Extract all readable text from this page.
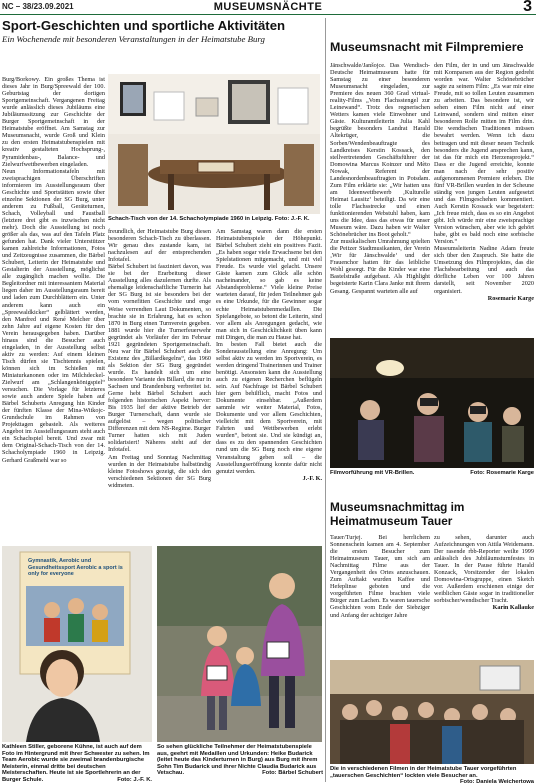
NC – 38/23.09.2021	MUSEUMSNÄCHTE	3
Sport-Geschichten und sportliche Aktivitäten
Ein Wochenende mit besonderen Veranstaltungen in der Heimatstube Burg

Burg/Borkowy. Ein großes Thema ist dieses Jahr in Burg/Spreewald der 100. Geburtstag der dortigen Sportgemeinschaft. Vergangenen Freitag wurde anlässlich dieses Jubiläums eine Jubiläumssitzung zur Geschichte der Burger Sportgemeinschaft in der Heimatstube eröffnet. Am Samstag zur Museumsnacht, wurde Groß und Klein zu den ersten Heimatstubenspielen mit kreativ gestalteten Hochsprung-, Pyramidenbau-, Balance- und Zielwurfwettbewerben eingeladen.
Neun Informationstafeln mit zweisprachigen Überschriften informieren im Ausstellungsraum über Geschichte und Sportstätten sowie über einzelne Sektionen der SG Burg, unter anderem zu Fußball, Geräteturnen, Schach, Volleyball und Faustball (letztere drei gibt es inzwischen nicht mehr). Doch die Ausstellung ist noch größer als das, was auf den Tafeln Platz gefunden hat. Dank vieler Unterstützer kamen zahlreiche Informationen, Fotos und Zeitzeugnisse zusammen, die Bärbel Schubert, Leiterin der Heimatstube und Gestalterin der Ausstellung, möglichst alle zugänglich machen wollte. Die Begleitordner mit interessantem Material liegen daher im Ausstellungsraum bereit und laden zum Durchblättern ein. Unter anderem kann auch ein „Spreewaldkicker“ gelblättert werden, den Manfred und René Melcher über zehn Jahre auf eigene Kosten für den Verein herausgegeben haben. Darüber hinaus sind die Besucher auch eingeladen, in der Ausstellung selbst aktiv zu werden: Auf einem kleinen Tisch dürfen sie Tischtennis spielen, können sich im Schießen mit Miniaturkanonen oder im Milchdeckel-Zielwurf am „Schlangenkönigspiel“ versuchen. Die Vorlage für letzteres sowie auch andere Spiele haben auf Bärbel Schuberts Anregung hin Kinder der fünften Klasse der Mina-Witkojc-Grundschule im Rahmen von Projekttagen gebastelt. Als weiteres Angebot im Ausstellungsraum steht auch ein Schachspiel bereit. Und zwar mit dem Original-Schach-Tisch von der 14. Schacholympiade 1960 in Leipzig. Gerhard Graßmehl war so

Schach-Tisch von der 14. Schacholympiade 1960 in Leipzig. Foto: J.-F. K.

freundlich, der Heimatstube Burg diesen besonderen Schach-Tisch zu überlassen. Wir genau dies zustande kam, ist nachzulesen auf der entsprechenden Infotafel.
Bärbel Schubert ist fasziniert davon, was sie bei der Erarbeitung dieser Ausstellung alles dazulernen durfte. Als ehemalige leidenschaftliche Turnerin hat der SG Burg ist sie besonders bei der vom vornefitten Geschichte und enge Weise verrendten Laut Dokumenten, so brachte sie in Erfahrung, hat es schon 1870 in Burg einen Turnverein gegeben. 1881 wurde hier die Turnerfeuerwehr gegründet als Vorläufer der im Februar 1921 gegründeten Sportgemeinschaft. Neu war für Bärbel Schubert auch die Existenz des „Billardkegelns“, das 1960 als Sektion der SG Burg gegründet wurde. Es handelt sich um eine besondere Variante des Billard, die nur in Sachsen und Brandenburg verbreitet ist. Gerne hebt Bärbel Schubert auch folgenden historischen Aspekt hervor: Bis 1935 lief der aktive Betrieb der Burger Turnerschaft, dann wurde sie aufgelöst – wegen politischer Differenzen mit dem NS-Regime. Burger Turner hatten sich mit Juden solidarisiert! Näheres steht auf der Infotafel.
Am Freitag und Sonntag Nachmittag wurden in der Heimatstube halbstündig kleine Fotoshows gezeigt, die sich den verschiedenen Sektionen der SG Burg widmeten.

Am Samstag waren dann die ersten Heimatstubenspiele der Höhepunkt. Bärbel Schubert zieht ein positives Fazit. „Es haben sogar viele Erwachsene bei den Spielstationen mitgemacht, und mit viel Freude. Es wurde viel gelacht. Unsere Gäste kamen zum Glück alle schön nacheinander, so gab es keine Abstandsprobleme.“ Viele kleine Preise warteten darauf, für jeden Teilnehmer gab es eine Urkunde, für die Gewinner sogar echte Heimatstubenmedaillen. Die Spielangebote, so betont die Leiterin, sind vor allem als Anregungen gedacht, wie man sich in Geschicklichkeit üben kann mit Dingen, die man zu Hause hat.
Im besten Fall bietet auch die Sonderausstellung eine Anregung: Um selbst aktiv zu werden im Sportverein, es werden dringend Trainerinnen und Trainer benötigt. Ansonsten kann die Ausstellung auch zu eigenen Recherchen beflügeln sein. Auf Nachfrage ist Bärbel Schubert hier gern behilflich, macht Fotos und Dokumente einsehbar. „Außerdem sammle wir weiter Material, Fotos, Dokumente und vor allem Geschichten, vielleicht mit dem Sportverein, mit Fahrten und Wettbewerben erlebt wurden“, betont sie. Und sie kündigt an, dass es zu den spannenden Geschichten rund um die SG Burg noch eine eigene Veranstaltung geben soll – die Ausstellungseröffnung konnte dafür nicht genutzt werden.

J.-F. K.
Gymnastik, Aerobic und Gesundheitssport Aerobic a sport is only for everyone
Kathleen Stiller, geborene Kühne, ist auch auf dem Foto im Hintergrund mit ihrer Schwester zu sehen. Im Team Aerobic wurde sie zweimal brandenburgische Meisterin, einmal dritte bei deutschen Meisterschaften. Heute ist sie Sportlehrerin an der Burger Schule.	Foto: J.-F. K.
So sehen glückliche Teilnehmer der Heimatstubenspiele aus, geehrt mit Medaillen und Urkunden: Heike Budarick (leitet heute das Kinderturnen in Burg) aus Burg mit ihrem Sohn Tim Budarick und ihrer Nichte Claudia Budarick aus Vetschau.	Foto: Bärbel Schubert
Museumsnacht mit Filmpremiere

Jänschwalde/Janšojce. Das Wendisch-Deutsche Heimatmuseum hatte für Samstag zu einer besonderen Museumsnacht eingeladen, zur Premiere des neuen 360 Grad virtual-reality-Films „Vom Flachsstengel zur Leinewand“. Trotz des regnerischen Wetters kamen viele Einwohner und Gäste. Kulturamtleiterin Julia Kahl begrüßte besonders Landrat Harald Altekrüger, die Sorben/Wendenbeauftragte des Landkreises Kerstin Kossack, den stellvertretenden Geschäftsführer der Domowina Marcus Koinzer und Mèto Nowak, Referent der Landesnordenbeauftragten in Potsdam. Zum Film erklärte sie: „Wir hatten uns am Ideenwettbewerb ‚Kulturelle Heimat Lausitz‘ beteiligt. Da wir eine tolle Flachsstrecke und einen funktionierenden Webstuhl haben, kam uns die Idee, dass das etwas für unser Museum wäre. Dazu haben wir Walter Schönebrücher ins Boot geholt.“
Zur musikalischen Umrahmung spielten die Peitzer Stadtmusikanten, der Verein ‚Wir für Jänschwalde‘ und der Frauenchor hatten für das leibliche Wohl gesorgt. Für die Kinder war eine Bastelstraße aufgebaut. Als Highlight begeisterte Karin Clara Janke mit ihrem Gesang. Gespannt warteten alle auf

den Film, der in und um Jänschwalde mit Komparsen aus der Region gedreht worden war. Walter Schönebrücher sagte zu seinem Film: „Es war mir eine Freude, mit so tollen Leuten zusammen zu arbeiten. Das besondere ist, wir sehen einen Film nicht auf einer Leinwand, sondern sind mitten einer besonderen Rolle mitten im Film drin. Die wendischen Traditionen müssen bewahrt werden. Wenn ich dazu beitragen und mit dieser neuen Technik besonders die Jugend ansprechen kann, ist das für mich ein Herzensprojekt.“ Dass er die Jugend erreichte, konnte man nach der sehr positiv aufgenommenen Premiere erleben. Die fünf VR-Brillen wurden in der Scheune ständig von jungen Leuten aufgesetzt und das Filmgeschehen kommentiert. Auch Kerstin Kossack war begeistert: „Ich freue mich, dass es so ein Angebot gibt. Ich würde mir eine zweisprachige Version wünschen, aber wie ich gehört habe, gibt es bald noch eine sorbische Version.“
Museumsleiterin Nadine Adam freute sich über den Zuspruch. Sie hatte die Umsetzung des Filmprojektes, das die Flachsbearbeitung und auch das dörfliche Leben vor 100 Jahren darstellt, seit November 2020 organisiert.

Rosemarie Karge
Filmvorführung mit VR-Brillen.	Foto: Rosemarie Karge
Museumsnachmittag im Heimatmuseum Tauer

Tauer/Turjej. Bei herrlichem Sonnenschein kamen am 4. September die ersten Besucher zum Heimatmuseum Tauer, um sich am Nachmittag Filme aus der Vergangenheit des Ortes anzuschauen. Zum Auftakt wurden Kaffee und Hefeplinse geboten und die vorgeführten Filme brachten viele Bürger zum Lachen. Es waren tauersche Geschichten vom Ende der Siebziger und Anfang der achtziger Jahre

zu sehen, darunter auch Aufzeichnungen von Attila Weidemann. Der rasende rbb-Reporter weilte 1999 anlässlich des Jubiläumsturnfestes in Tauer. In der Pause führte Harald Konzack, Vorsitzender der lokalen Domowina-Ortsgruppe, einen Sketch vor. Außerdem erschienen einige der weiblichen Gäste sogar in traditioneller sorbischer/wendischer Tracht.

Karin Kallauke
Die in verschiedenen Filmen in der Heimatstube Tauer vorgeführten „tauerschen Geschichten“ lockten viele Besucher an.
Foto: Daniela Weichertowa
